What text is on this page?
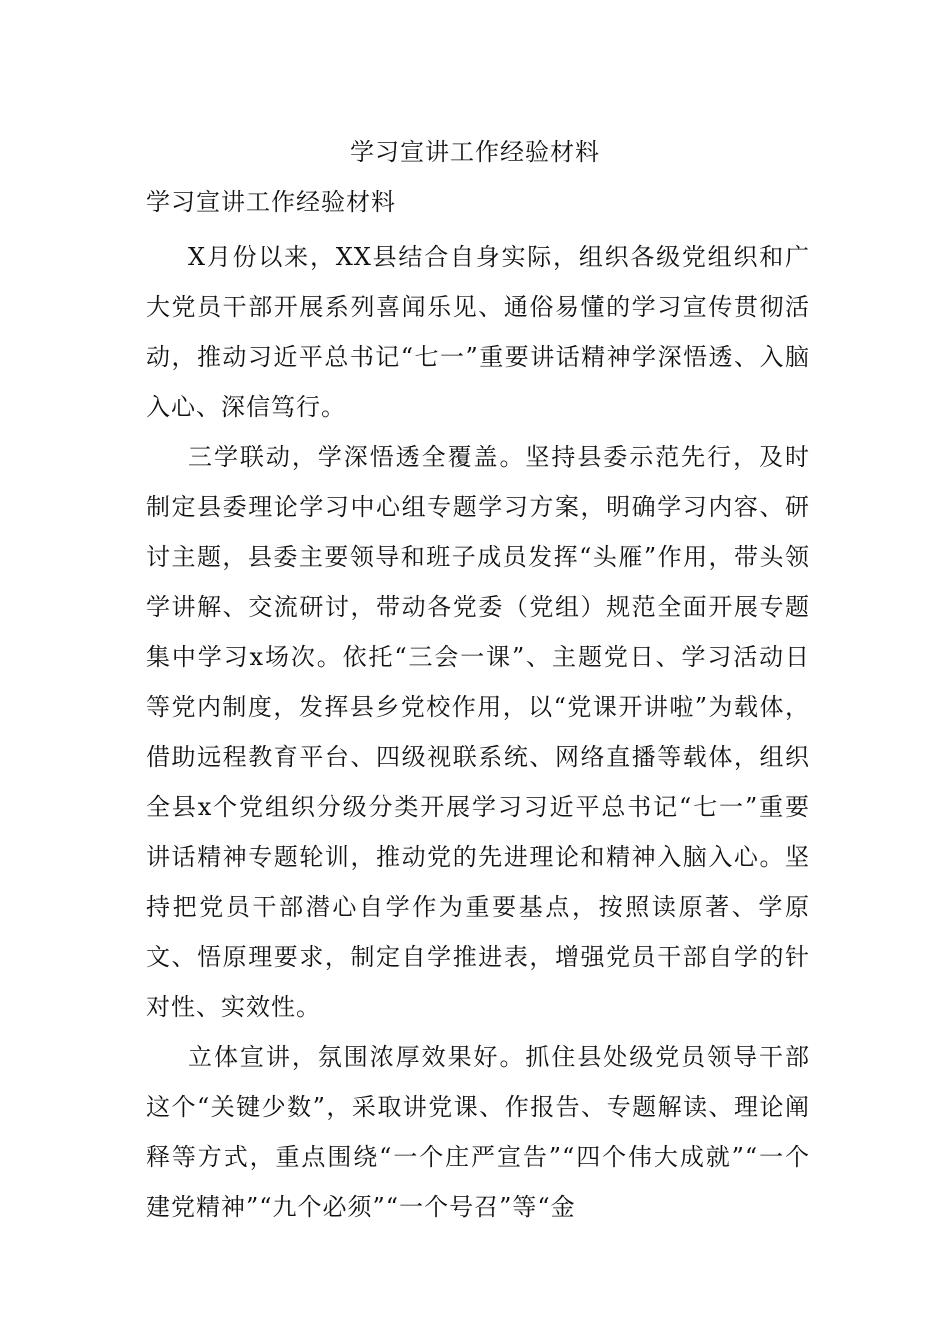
学习宣讲工作经验材料
学习宣讲工作经验材料

X月份以来，XX县结合自身实际，组织各级党组织和广大党员干部开展系列喜闻乐见、通俗易懂的学习宣传贯彻活动，推动习近平总书记“七一”重要讲话精神学深悟透、入脑入心、深信笃行。

三学联动，学深悟透全覆盖。坚持县委示范先行，及时制定县委理论学习中心组专题学习方案，明确学习内容、研讨主题，县委主要领导和班子成员发挥“头雁”作用，带头领学讲解、交流研讨，带动各党委（党组）规范全面开展专题集中学习x场次。依托“三会一课”、主题党日、学习活动日等党内制度，发挥县乡党校作用，以“党课开讲啦”为载体，借助远程教育平台、四级视联系统、网络直播等载体，组织全县x个党组织分级分类开展学习习近平总书记“七一”重要讲话精神专题轮训，推动党的先进理论和精神入脑入心。坚持把党员干部潜心自学作为重要基点，按照读原著、学原文、悟原理要求，制定自学推进表，增强党员干部自学的针对性、实效性。

立体宣讲，氛围浓厚效果好。抓住县处级党员领导干部这个“关键少数”，采取讲党课、作报告、专题解读、理论阐释等方式，重点围绕“一个庄严宣告”“四个伟大成就”“一个建党精神”“九个必须”“一个号召”等“金
